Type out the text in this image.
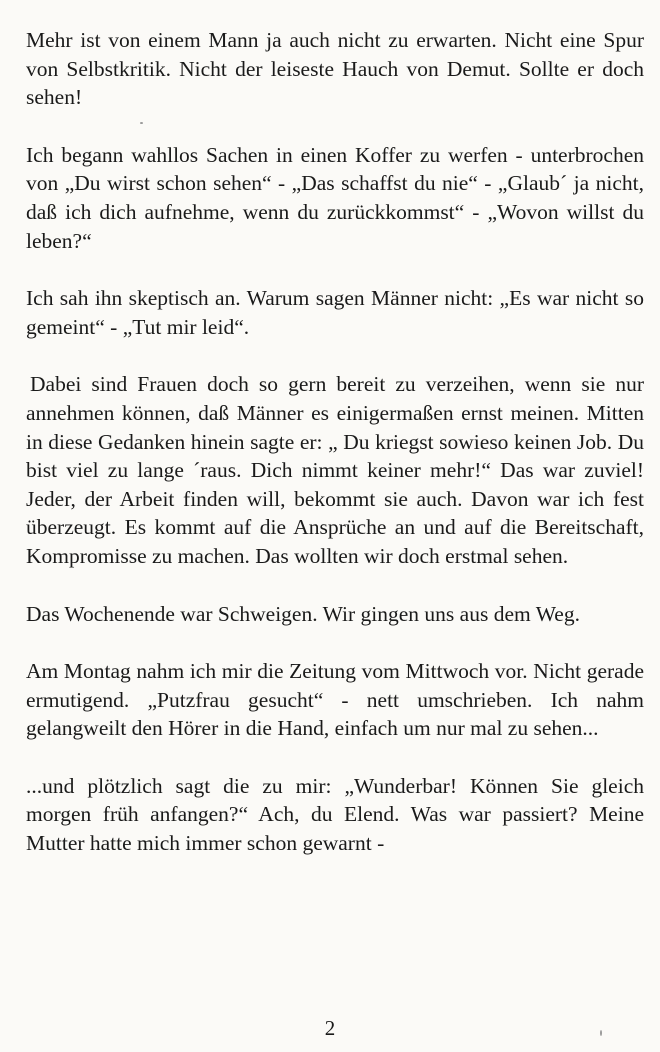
Mehr ist von einem Mann ja auch nicht zu erwarten. Nicht eine Spur von Selbstkritik. Nicht der leiseste Hauch von Demut. Sollte er doch sehen!

Ich begann wahllos Sachen in einen Koffer zu werfen - unterbrochen von „Du wirst schon sehen“ - „Das schaffst du nie“ - „Glaub´ ja nicht, daß ich dich aufnehme, wenn du zurückkommst“ - „Wovon willst du leben?“

Ich sah ihn skeptisch an. Warum sagen Männer nicht: „Es war nicht so gemeint“ - „Tut mir leid“.

Dabei sind Frauen doch so gern bereit zu verzeihen, wenn sie nur annehmen können, daß Männer es einigermaßen ernst meinen. Mitten in diese Gedanken hinein sagte er: „ Du kriegst sowieso keinen Job. Du bist viel zu lange ´raus. Dich nimmt keiner mehr!“ Das war zuviel! Jeder, der Arbeit finden will, bekommt sie auch. Davon war ich fest überzeugt. Es kommt auf die Ansprüche an und auf die Bereitschaft, Kompromisse zu machen. Das wollten wir doch erstmal sehen.

Das Wochenende war Schweigen. Wir gingen uns aus dem Weg.

Am Montag nahm ich mir die Zeitung vom Mittwoch vor. Nicht gerade ermutigend. „Putzfrau gesucht“ - nett umschrieben. Ich nahm gelangweilt den Hörer in die Hand, einfach um nur mal zu sehen...

...und plötzlich sagt die zu mir: „Wunderbar! Können Sie gleich morgen früh anfangen?“ Ach, du Elend. Was war passiert? Meine Mutter hatte mich immer schon gewarnt -

2
